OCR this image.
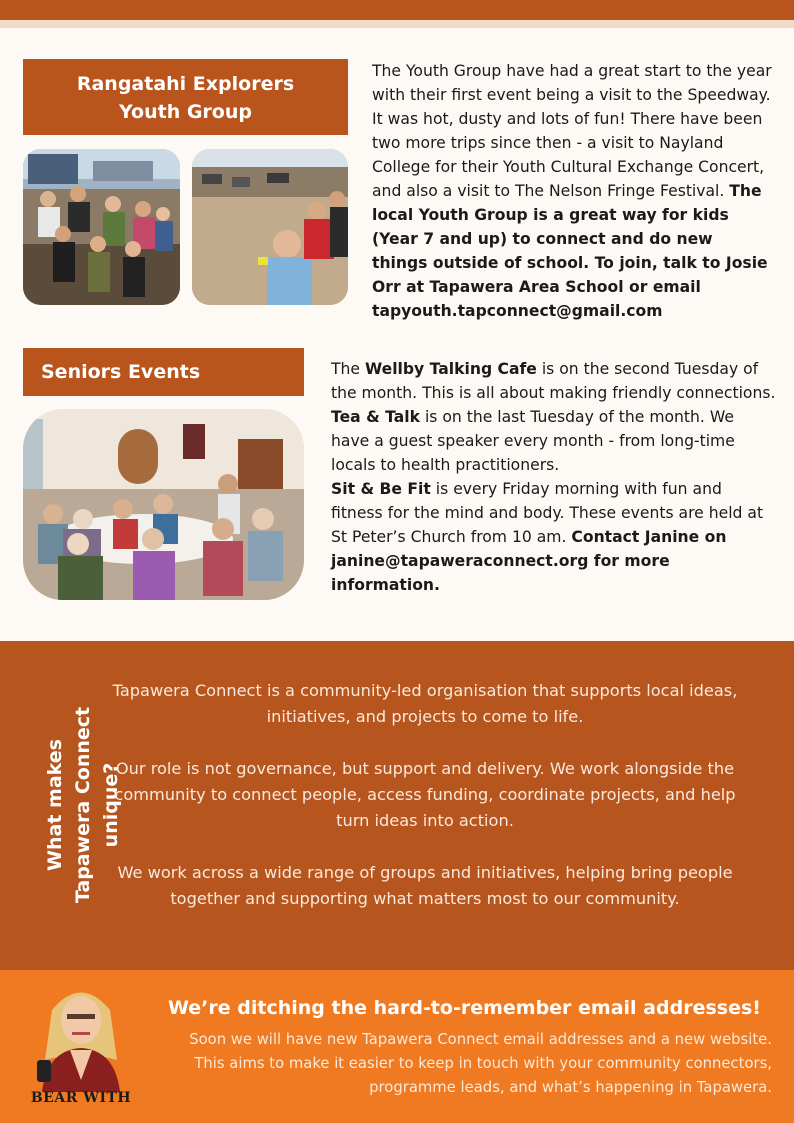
Rangatahi Explorers
Youth Group
The Youth Group have had a great start to the year with their first event being a visit to the Speedway. It was hot, dusty and lots of fun! There have been two more trips since then - a visit to Nayland College for their Youth Cultural Exchange Concert, and also a visit to The Nelson Fringe Festival. The local Youth Group is a great way for kids (Year 7 and up) to connect and do new things outside of school. To join, talk to Josie Orr at Tapawera Area School or email tapyouth.tapconnect@gmail.com
Seniors Events	The Wellby Talking Cafe is on the second Tuesday of the month. This is all about making friendly connections. Tea & Talk is on the last Tuesday of the month. We have a guest speaker every month - from long-time locals to health practitioners.
Sit & Be Fit is every Friday morning with fun and fitness for the mind and body. These events are held at St Peter’s Church from 10 am. Contact Janine on janine@tapaweraconnect.org for more information.
What makes Tapawera Connect unique?

Tapawera Connect is a community-led organisation that supports local ideas, initiatives, and projects to come to life.

Our role is not governance, but support and delivery. We work alongside the community to connect people, access funding, coordinate projects, and help turn ideas into action.

We work across a wide range of groups and initiatives, helping bring people together and supporting what matters most to our community.

BEAR WITH
We’re ditching the hard-to-remember email addresses!
Soon we will have new Tapawera Connect email addresses and a new website. This aims to make it easier to keep in touch with your community connectors, programme leads, and what’s happening in Tapawera.
